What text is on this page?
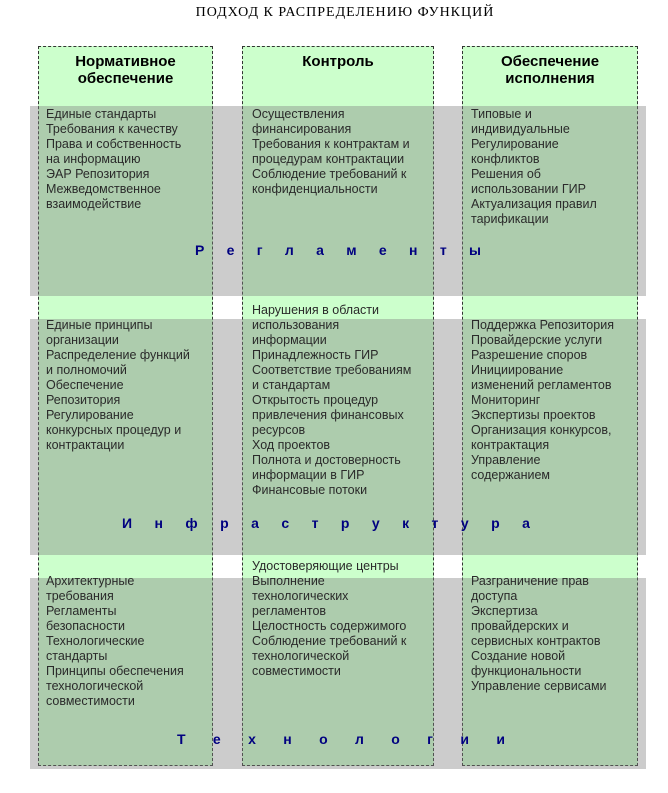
ПОДХОД К РАСПРЕДЕЛЕНИЮ ФУНКЦИЙ
Нормативное обеспечение
Контроль	Обеспечение исполнения
Единые стандарты
Требования к качеству
Права и собственность
на информацию
ЭАР Репозитория
Межведомственное
взаимодействие
Осуществления
финансирования
Требования к контрактам и
процедурам контрактации
Соблюдение требований к
конфиденциальности
Типовые и
индивидуальные
Регулирование
конфликтов
Решения об
использовании ГИР
Актуализация правил
тарификации
Р е г л а м е н т ы
Единые принципы
организации
Распределение функций
и полномочий
Обеспечение
Репозитория
Регулирование
конкурсных процедур и
контрактации
Нарушения в области
использования
информации
Принадлежность ГИР
Соответствие требованиям
и стандартам
Открытость процедур
привлечения финансовых
ресурсов
Ход проектов
Полнота и достоверность
информации в ГИР
Финансовые потоки
Поддержка Репозитория
Провайдерские услуги
Разрешение споров
Инициирование
изменений регламентов
Мониторинг
Экспертизы проектов
Организация конкурсов,
контрактация
Управление
содержанием
И н ф р а с т р у к т у р а
Архитектурные
требования
Регламенты
безопасности
Технологические
стандарты
Принципы обеспечения
технологической
совместимости
Удостоверяющие центры
Выполнение
технологических
регламентов
Целостность содержимого
Соблюдение требований к
технологической
совместимости
Разграничение прав
доступа
Экспертиза
провайдерских и
сервисных контрактов
Создание новой
функциональности
Управление сервисами
Т е х н о л о г и и
